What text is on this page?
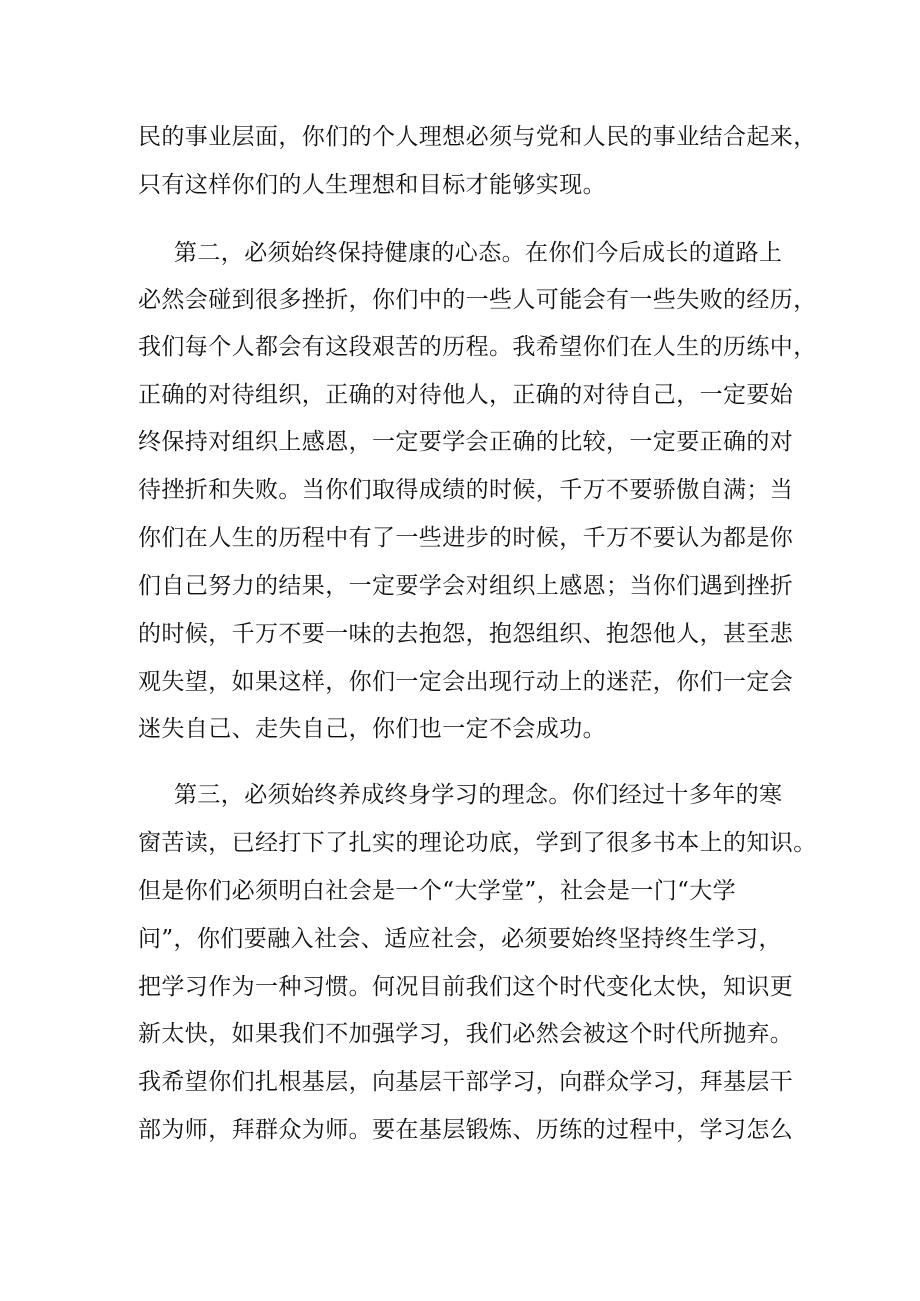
民的事业层面，你们的个人理想必须与党和人民的事业结合起来，
只有这样你们的人生理想和目标才能够实现。
第二，必须始终保持健康的心态。在你们今后成长的道路上
必然会碰到很多挫折，你们中的一些人可能会有一些失败的经历，
我们每个人都会有这段艰苦的历程。我希望你们在人生的历练中，
正确的对待组织，正确的对待他人，正确的对待自己，一定要始
终保持对组织上感恩，一定要学会正确的比较，一定要正确的对
待挫折和失败。当你们取得成绩的时候，千万不要骄傲自满；当
你们在人生的历程中有了一些进步的时候，千万不要认为都是你
们自己努力的结果，一定要学会对组织上感恩；当你们遇到挫折
的时候，千万不要一味的去抱怨，抱怨组织、抱怨他人，甚至悲
观失望，如果这样，你们一定会出现行动上的迷茫，你们一定会
迷失自己、走失自己，你们也一定不会成功。
第三，必须始终养成终身学习的理念。你们经过十多年的寒
窗苦读，已经打下了扎实的理论功底，学到了很多书本上的知识。
但是你们必须明白社会是一个“大学堂”，社会是一门“大学
问”，你们要融入社会、适应社会，必须要始终坚持终生学习，
把学习作为一种习惯。何况目前我们这个时代变化太快，知识更
新太快，如果我们不加强学习，我们必然会被这个时代所抛弃。
我希望你们扎根基层，向基层干部学习，向群众学习，拜基层干
部为师，拜群众为师。要在基层锻炼、历练的过程中，学习怎么
